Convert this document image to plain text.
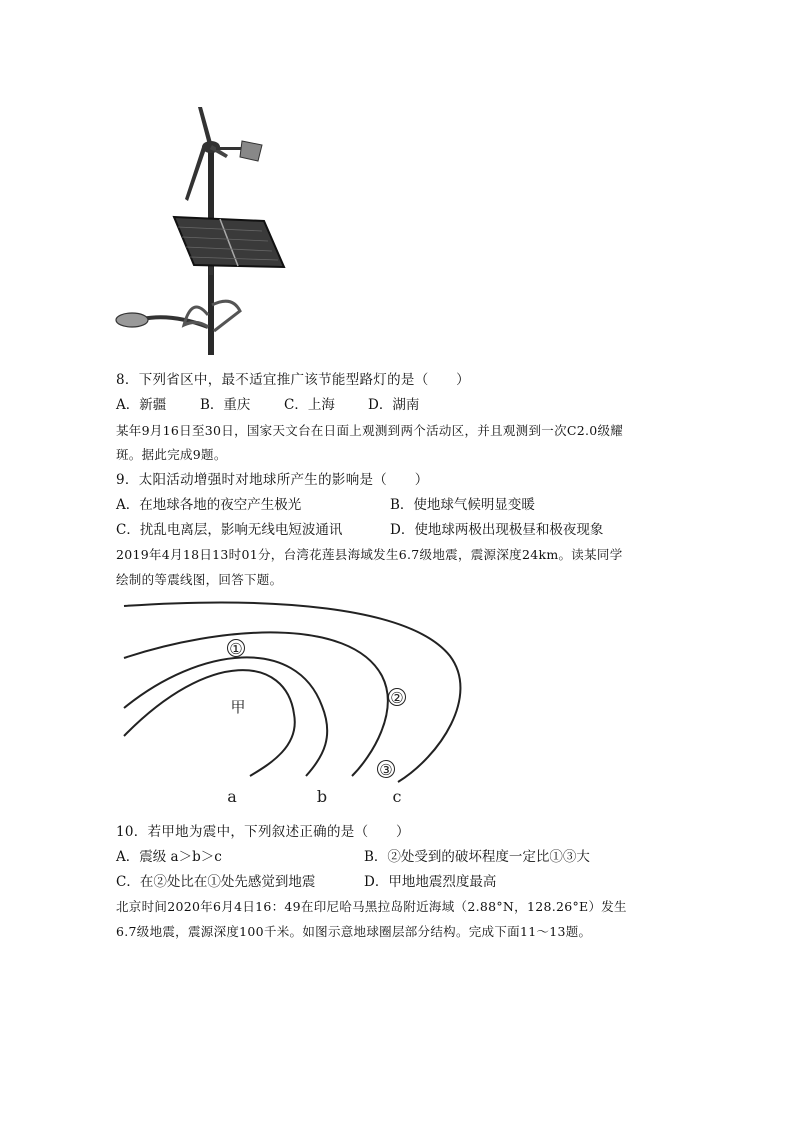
8．下列省区中，最不适宜推广该节能型路灯的是（　　）
A．新疆	B．重庆 C．上海 D．湖南
某年9月16日至30日，国家天文台在日面上观测到两个活动区，并且观测到一次C2.0级耀
斑。据此完成9题。
9．太阳活动增强时对地球所产生的影响是（　　）
A．在地球各地的夜空产生极光	B．使地球气候明显变暖
C．扰乱电离层，影响无线电短波通讯	D．使地球两极出现极昼和极夜现象
2019年4月18日13时01分，台湾花莲县海域发生6.7级地震，震源深度24km。读某同学
绘制的等震线图，回答下题。
①
②
③
甲
a	b	c
10．若甲地为震中，下列叙述正确的是（　　）
A．震级 a＞b＞c	B．②处受到的破坏程度一定比①③大
C．在②处比在①处先感觉到地震	D．甲地地震烈度最高
北京时间2020年6月4日16：49在印尼哈马黑拉岛附近海域（2.88°N，128.26°E）发生
6.7级地震，震源深度100千米。如图示意地球圈层部分结构。完成下面11～13题。
